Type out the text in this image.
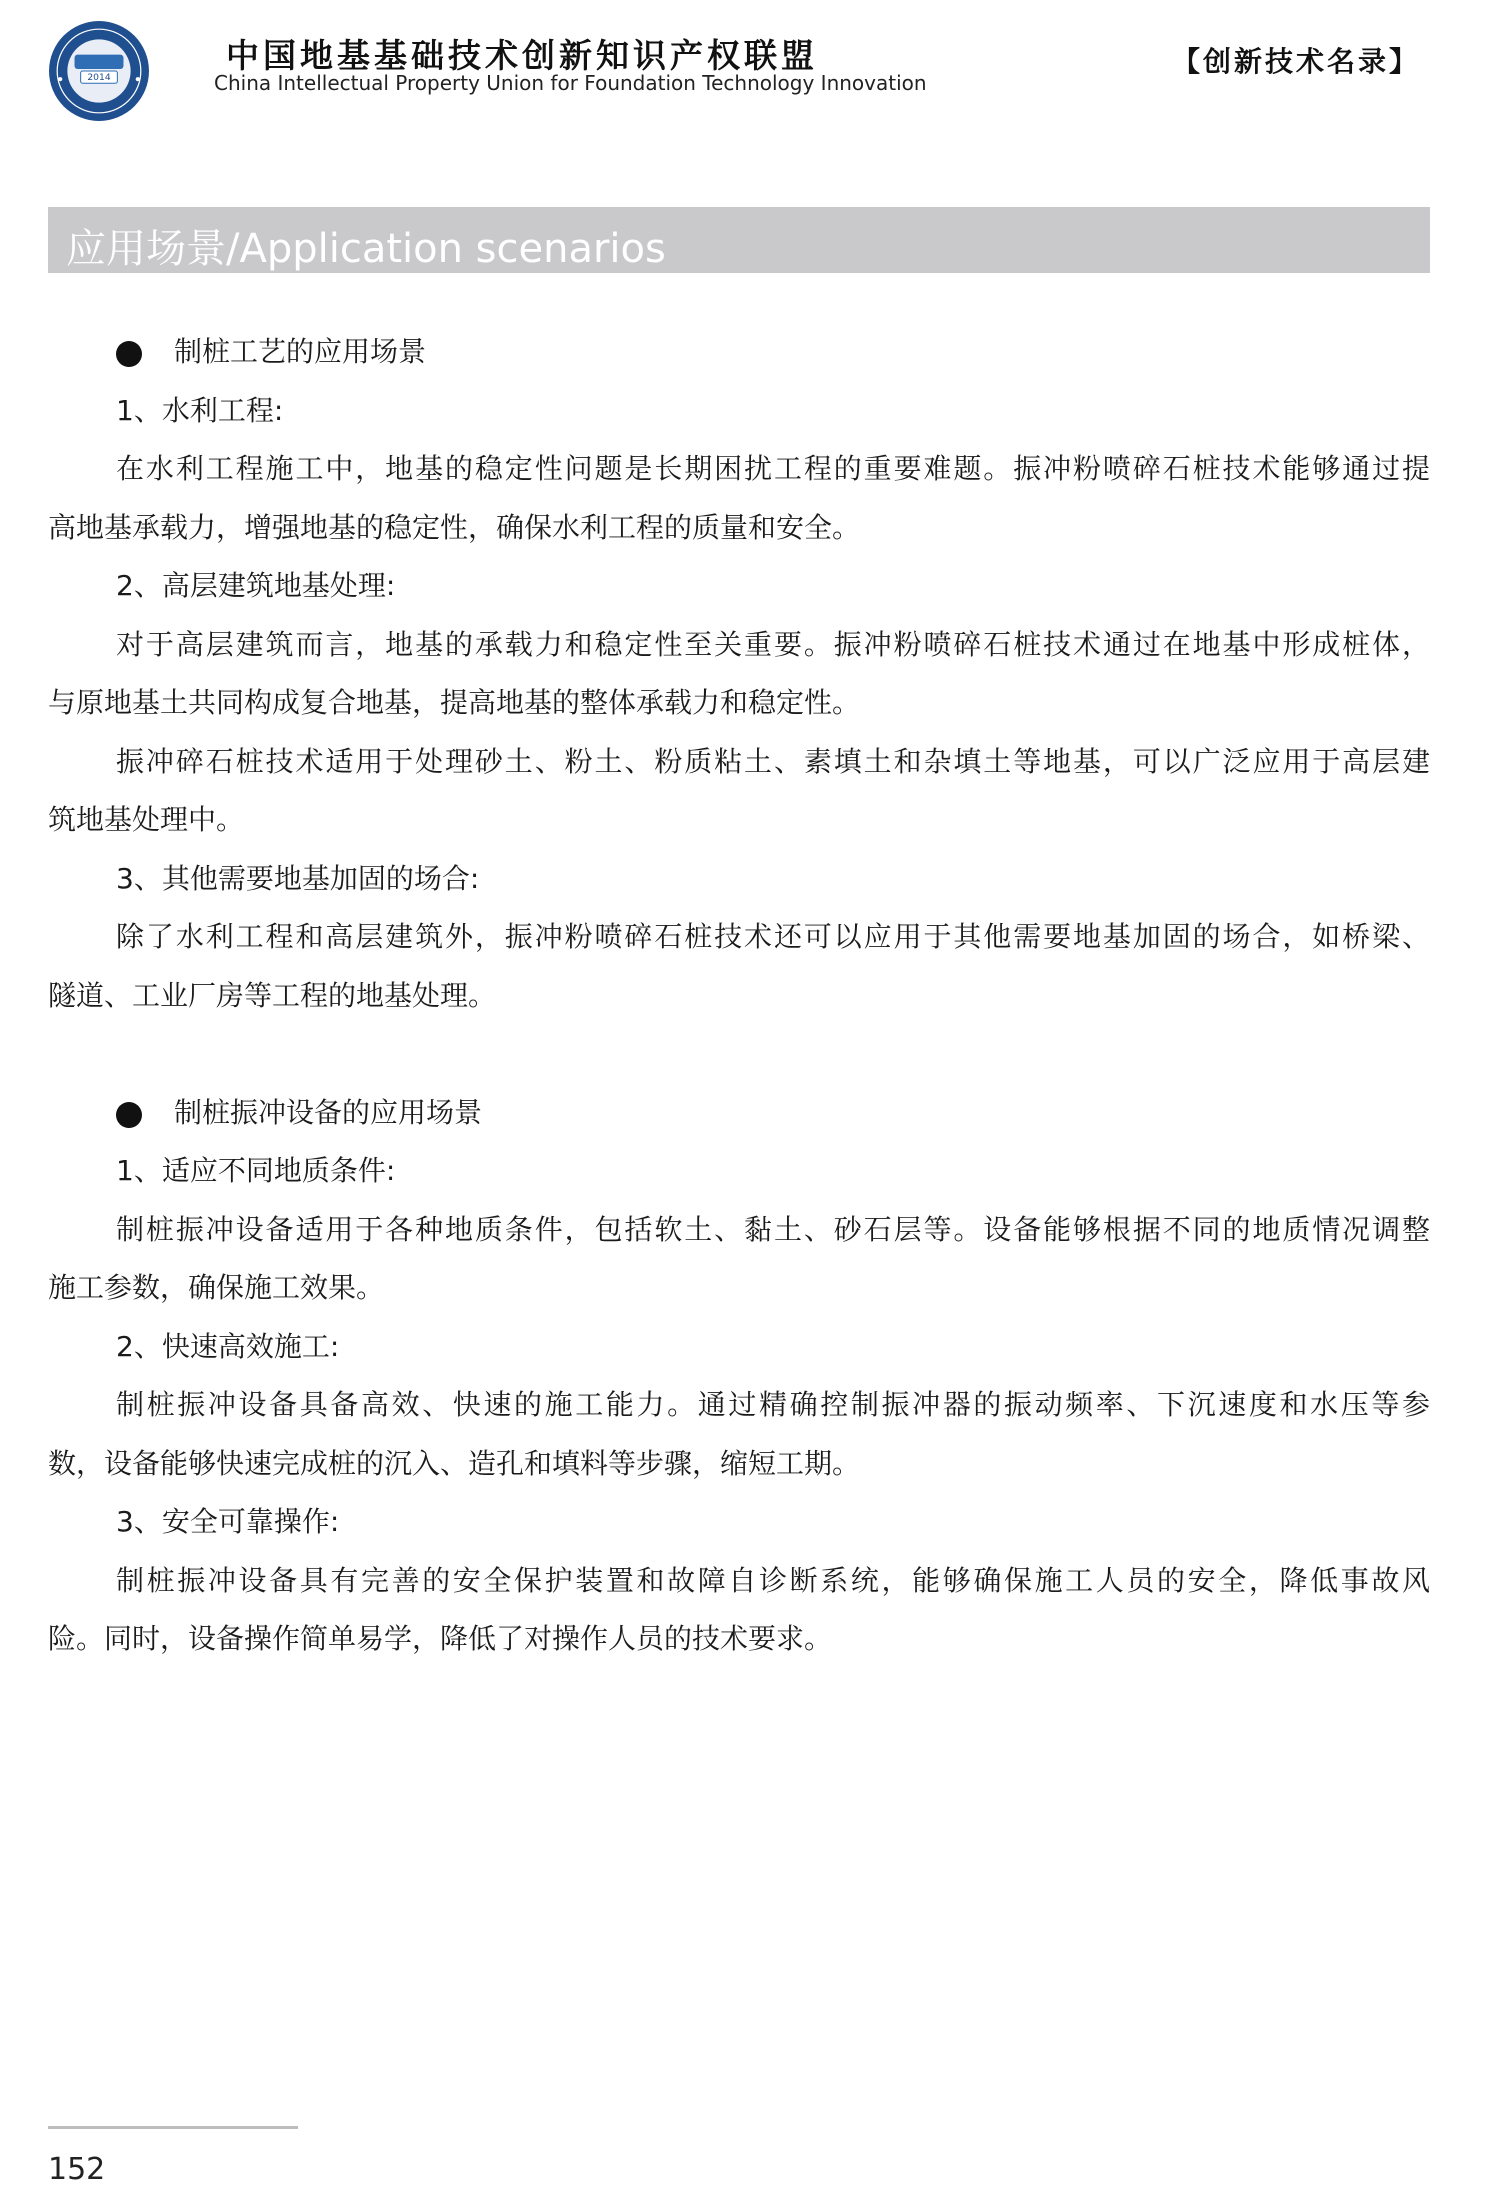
2014
中国地基基础技术创新知识产权联盟
China Intellectual Property Union for Foundation Technology Innovation
【创新技术名录】
应用场景/Application scenarios
制桩工艺的应用场景
1、水利工程:
在水利工程施工中，地基的稳定性问题是长期困扰工程的重要难题。振冲粉喷碎石桩技术能够通过提
高地基承载力，增强地基的稳定性，确保水利工程的质量和安全。
2、高层建筑地基处理:
对于高层建筑而言，地基的承载力和稳定性至关重要。振冲粉喷碎石桩技术通过在地基中形成桩体，
与原地基土共同构成复合地基，提高地基的整体承载力和稳定性。
振冲碎石桩技术适用于处理砂土、粉土、粉质粘土、素填土和杂填土等地基，可以广泛应用于高层建
筑地基处理中。
3、其他需要地基加固的场合:
除了水利工程和高层建筑外，振冲粉喷碎石桩技术还可以应用于其他需要地基加固的场合，如桥梁、
隧道、工业厂房等工程的地基处理。
制桩振冲设备的应用场景
1、适应不同地质条件:
制桩振冲设备适用于各种地质条件，包括软土、黏土、砂石层等。设备能够根据不同的地质情况调整
施工参数，确保施工效果。
2、快速高效施工:
制桩振冲设备具备高效、快速的施工能力。通过精确控制振冲器的振动频率、下沉速度和水压等参
数，设备能够快速完成桩的沉入、造孔和填料等步骤，缩短工期。
3、安全可靠操作:
制桩振冲设备具有完善的安全保护装置和故障自诊断系统，能够确保施工人员的安全，降低事故风
险。同时，设备操作简单易学，降低了对操作人员的技术要求。
152
